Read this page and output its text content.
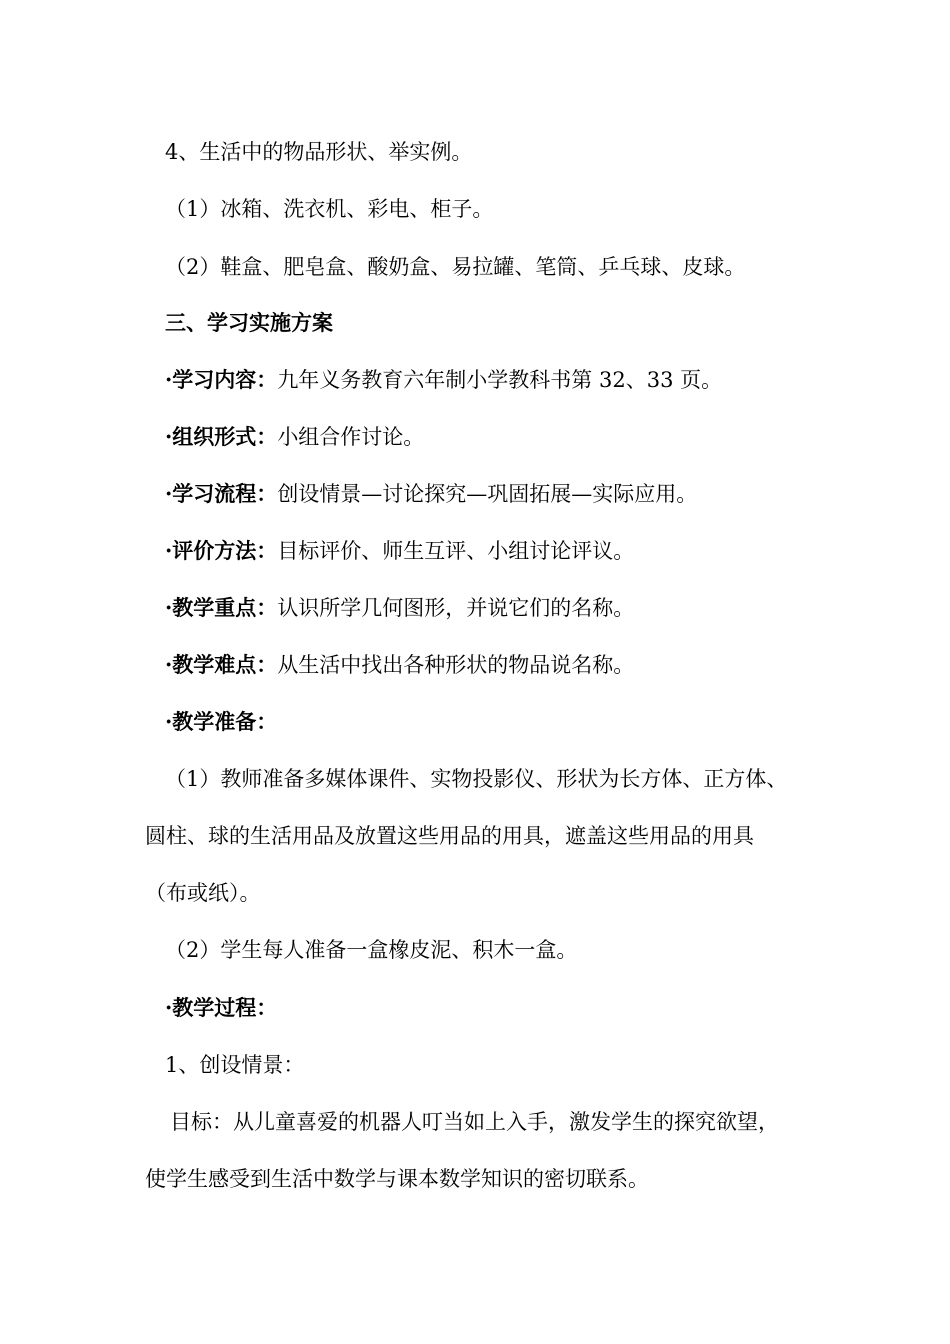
4、生活中的物品形状、举实例。
（1）冰箱、洗衣机、彩电、柜子。
（2）鞋盒、肥皂盒、酸奶盒、易拉罐、笔筒、乒乓球、皮球。
三、学习实施方案
·学习内容：九年义务教育六年制小学教科书第 32、33 页。
·组织形式：小组合作讨论。
·学习流程：创设情景—讨论探究—巩固拓展—实际应用。
·评价方法：目标评价、师生互评、小组讨论评议。
·教学重点：认识所学几何图形，并说它们的名称。
·教学难点：从生活中找出各种形状的物品说名称。
·教学准备：
（1）教师准备多媒体课件、实物投影仪、形状为长方体、正方体、
圆柱、球的生活用品及放置这些用品的用具，遮盖这些用品的用具
（布或纸）。
（2）学生每人准备一盒橡皮泥、积木一盒。
·教学过程：
1、创设情景：
目标：从儿童喜爱的机器人叮当如上入手，激发学生的探究欲望，
使学生感受到生活中数学与课本数学知识的密切联系。
